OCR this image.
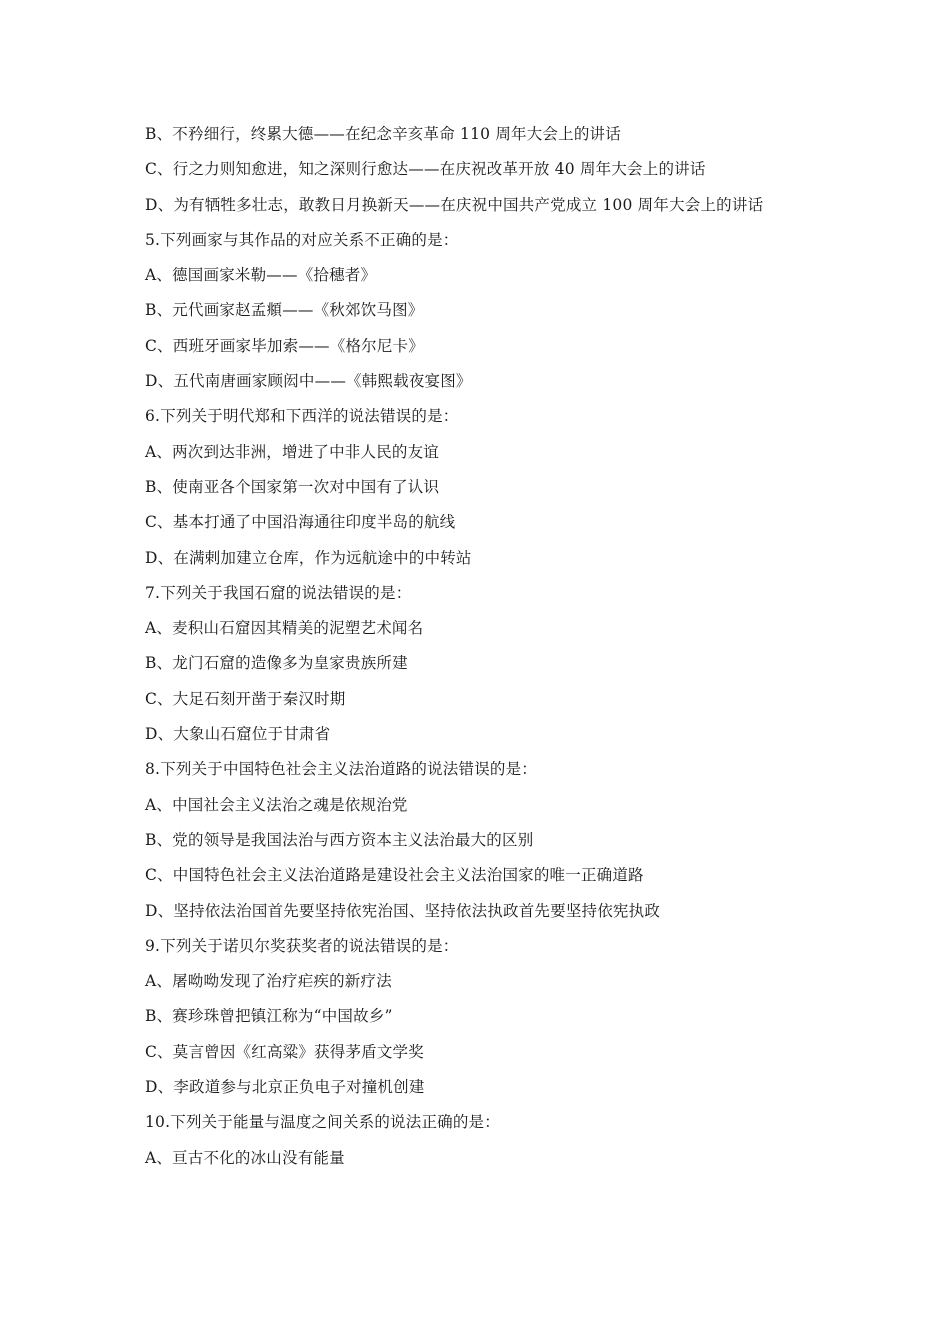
B、不矜细行，终累大德——在纪念辛亥革命 110 周年大会上的讲话
C、行之力则知愈进，知之深则行愈达——在庆祝改革开放 40 周年大会上的讲话
D、为有牺牲多壮志，敢教日月换新天——在庆祝中国共产党成立 100 周年大会上的讲话
5.下列画家与其作品的对应关系不正确的是：
A、德国画家米勒——《拾穗者》
B、元代画家赵孟頫——《秋郊饮马图》
C、西班牙画家毕加索——《格尔尼卡》
D、五代南唐画家顾闳中——《韩熙载夜宴图》
6.下列关于明代郑和下西洋的说法错误的是：
A、两次到达非洲，增进了中非人民的友谊
B、使南亚各个国家第一次对中国有了认识
C、基本打通了中国沿海通往印度半岛的航线
D、在满剌加建立仓库，作为远航途中的中转站
7.下列关于我国石窟的说法错误的是：
A、麦积山石窟因其精美的泥塑艺术闻名
B、龙门石窟的造像多为皇家贵族所建
C、大足石刻开凿于秦汉时期
D、大象山石窟位于甘肃省
8.下列关于中国特色社会主义法治道路的说法错误的是：
A、中国社会主义法治之魂是依规治党
B、党的领导是我国法治与西方资本主义法治最大的区别
C、中国特色社会主义法治道路是建设社会主义法治国家的唯一正确道路
D、坚持依法治国首先要坚持依宪治国、坚持依法执政首先要坚持依宪执政
9.下列关于诺贝尔奖获奖者的说法错误的是：
A、屠呦呦发现了治疗疟疾的新疗法
B、赛珍珠曾把镇江称为“中国故乡”
C、莫言曾因《红高粱》获得茅盾文学奖
D、李政道参与北京正负电子对撞机创建
10.下列关于能量与温度之间关系的说法正确的是：
A、亘古不化的冰山没有能量
